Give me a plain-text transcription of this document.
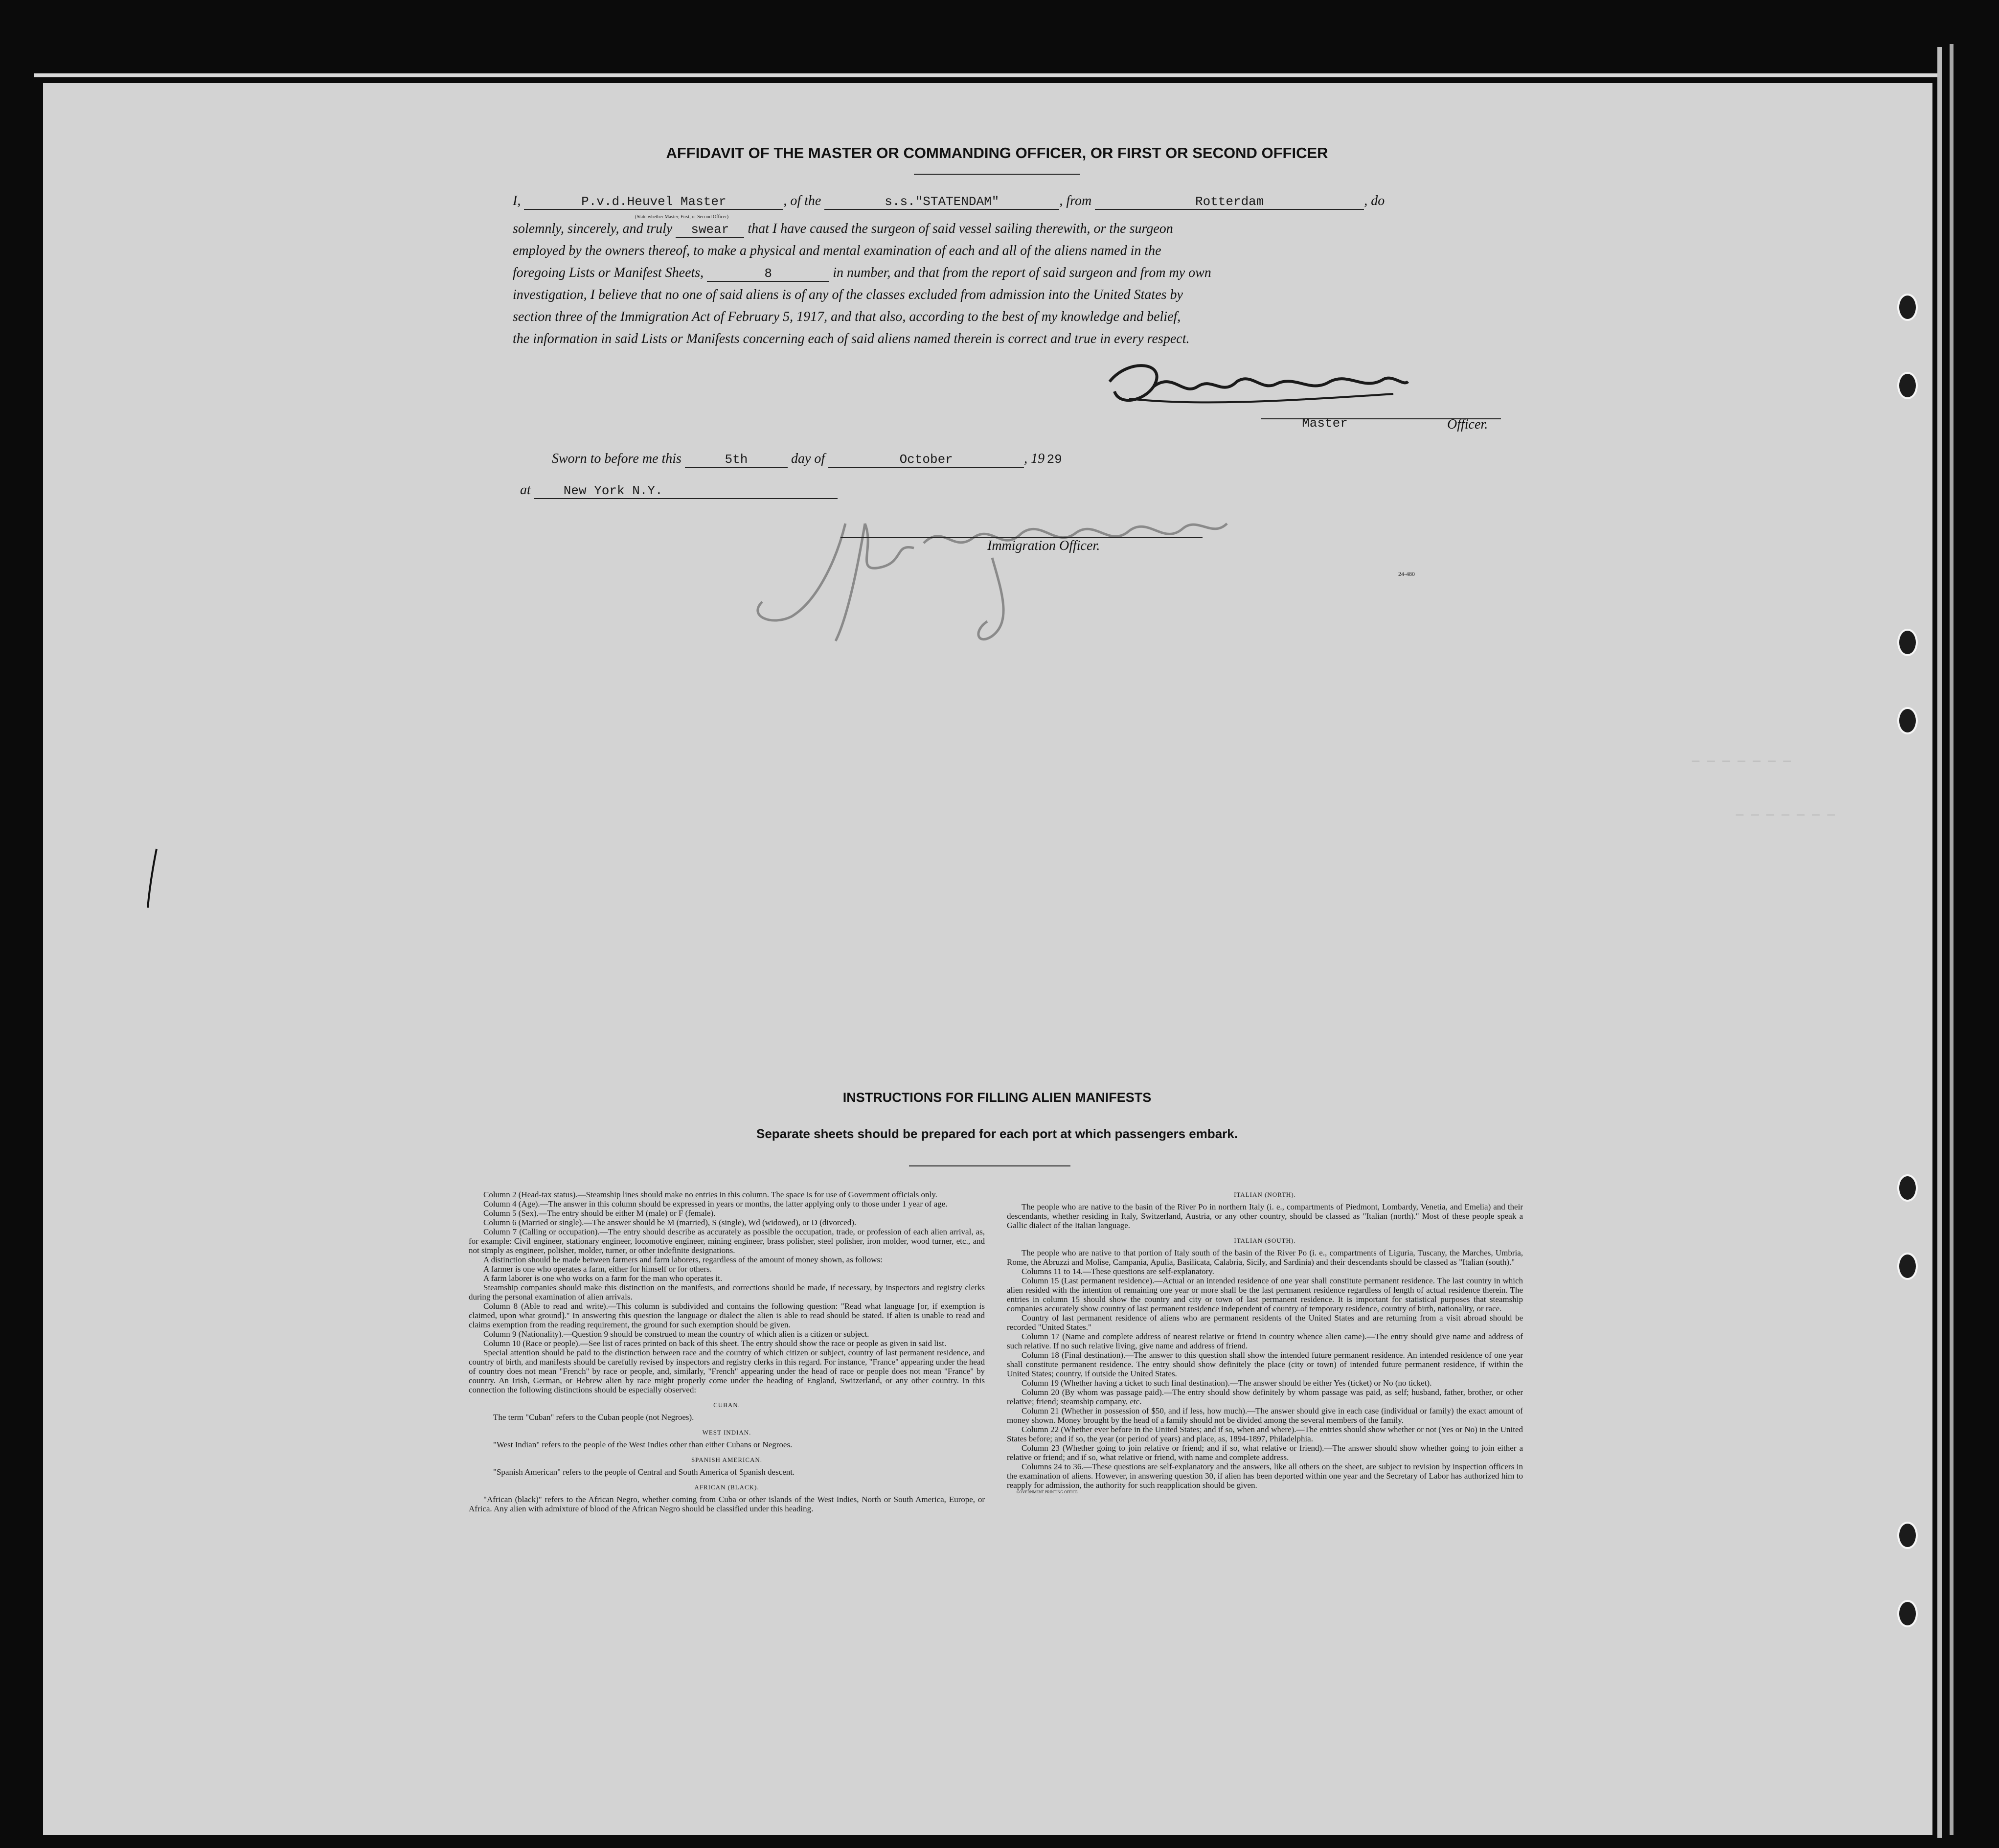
— — — — — — —
— — — — — — —
AFFIDAVIT OF THE MASTER OR COMMANDING OFFICER, OR FIRST OR SECOND OFFICER
I,	P.v.d.Heuvel Master	, of the	s.s."STATENDAM"	, from	Rotterdam	, do
(State whether Master, First, or Second Officer)
solemnly, sincerely, and truly swear that I have caused the surgeon of said vessel sailing therewith, or the surgeon
employed by the owners thereof, to make a physical and mental examination of each and all of the aliens named in the
foregoing Lists or Manifest Sheets,	8	in number, and that from the report of said surgeon and from my own
investigation, I believe that no one of said aliens is of any of the classes excluded from admission into the United States by
section three of the Immigration Act of February 5, 1917, and that also, according to the best of my knowledge and belief,
the information in said Lists or Manifests concerning each of said aliens named therein is correct and true in every respect.
Master	Officer.
Sworn to before me this	5th	day of	October	, 19 29
at	New York N.Y.
Immigration Officer.
24-480
INSTRUCTIONS FOR FILLING ALIEN MANIFESTS
Separate sheets should be prepared for each port at which passengers embark.

Column 2 (Head-tax status).—Steamship lines should make no entries in this column. The space is for use of Government officials only.

Column 4 (Age).—The answer in this column should be expressed in years or months, the latter applying only to those under 1 year of age.

Column 5 (Sex).—The entry should be either M (male) or F (female).

Column 6 (Married or single).—The answer should be M (married), S (single), Wd (widowed), or D (divorced).

Column 7 (Calling or occupation).—The entry should describe as accurately as possible the occupation, trade, or profession of each alien arrival, as, for example: Civil engineer, stationary engineer, locomotive engineer, mining engineer, brass polisher, steel polisher, iron molder, wood turner, etc., and not simply as engineer, polisher, molder, turner, or other indefinite designations.

A distinction should be made between farmers and farm laborers, regardless of the amount of money shown, as follows:

A farmer is one who operates a farm, either for himself or for others.

A farm laborer is one who works on a farm for the man who operates it.

Steamship companies should make this distinction on the manifests, and corrections should be made, if necessary, by inspectors and registry clerks during the personal examination of alien arrivals.

Column 8 (Able to read and write).—This column is subdivided and contains the following question: "Read what language [or, if exemption is claimed, upon what ground]." In answering this question the language or dialect the alien is able to read should be stated. If alien is unable to read and claims exemption from the reading requirement, the ground for such exemption should be given.

Column 9 (Nationality).—Question 9 should be construed to mean the country of which alien is a citizen or subject.

Column 10 (Race or people).—See list of races printed on back of this sheet. The entry should show the race or people as given in said list.

Special attention should be paid to the distinction between race and the country of which citizen or subject, country of last permanent residence, and country of birth, and manifests should be carefully revised by inspectors and registry clerks in this regard. For instance, "France" appearing under the head of country does not mean "French" by race or people, and, similarly, "French" appearing under the head of race or people does not mean "France" by country. An Irish, German, or Hebrew alien by race might properly come under the heading of England, Switzerland, or any other country. In this connection the following distinctions should be especially observed:

CUBAN.

The term "Cuban" refers to the Cuban people (not Negroes).

WEST INDIAN.

"West Indian" refers to the people of the West Indies other than either Cubans or Negroes.

SPANISH AMERICAN.

"Spanish American" refers to the people of Central and South America of Spanish descent.

AFRICAN (BLACK).

"African (black)" refers to the African Negro, whether coming from Cuba or other islands of the West Indies, North or South America, Europe, or Africa. Any alien with admixture of blood of the African Negro should be classified under this heading.

ITALIAN (NORTH).

The people who are native to the basin of the River Po in northern Italy (i. e., compartments of Piedmont, Lombardy, Venetia, and Emelia) and their descendants, whether residing in Italy, Switzerland, Austria, or any other country, should be classed as "Italian (north)." Most of these people speak a Gallic dialect of the Italian language.

ITALIAN (SOUTH).

The people who are native to that portion of Italy south of the basin of the River Po (i. e., compartments of Liguria, Tuscany, the Marches, Umbria, Rome, the Abruzzi and Molise, Campania, Apulia, Basilicata, Calabria, Sicily, and Sardinia) and their descendants should be classed as "Italian (south)."

Columns 11 to 14.—These questions are self-explanatory.

Column 15 (Last permanent residence).—Actual or an intended residence of one year shall constitute permanent residence. The last country in which alien resided with the intention of remaining one year or more shall be the last permanent residence regardless of length of actual residence therein. The entries in column 15 should show the country and city or town of last permanent residence. It is important for statistical purposes that steamship companies accurately show country of last permanent residence independent of country of temporary residence, country of birth, nationality, or race.

Country of last permanent residence of aliens who are permanent residents of the United States and are returning from a visit abroad should be recorded "United States."

Column 17 (Name and complete address of nearest relative or friend in country whence alien came).—The entry should give name and address of such relative. If no such relative living, give name and address of friend.

Column 18 (Final destination).—The answer to this question shall show the intended future permanent residence. An intended residence of one year shall constitute permanent residence. The entry should show definitely the place (city or town) of intended future permanent residence, if within the United States; country, if outside the United States.

Column 19 (Whether having a ticket to such final destination).—The answer should be either Yes (ticket) or No (no ticket).

Column 20 (By whom was passage paid).—The entry should show definitely by whom passage was paid, as self; husband, father, brother, or other relative; friend; steamship company, etc.

Column 21 (Whether in possession of $50, and if less, how much).—The answer should give in each case (individual or family) the exact amount of money shown. Money brought by the head of a family should not be divided among the several members of the family.

Column 22 (Whether ever before in the United States; and if so, when and where).—The entries should show whether or not (Yes or No) in the United States before; and if so, the year (or period of years) and place, as, 1894-1897, Philadelphia.

Column 23 (Whether going to join relative or friend; and if so, what relative or friend).—The answer should show whether going to join either a relative or friend; and if so, what relative or friend, with name and complete address.

Columns 24 to 36.—These questions are self-explanatory and the answers, like all others on the sheet, are subject to revision by inspection officers in the examination of aliens. However, in answering question 30, if alien has been deported within one year and the Secretary of Labor has authorized him to reapply for admission, the authority for such reapplication should be given.

GOVERNMENT PRINTING OFFICE
